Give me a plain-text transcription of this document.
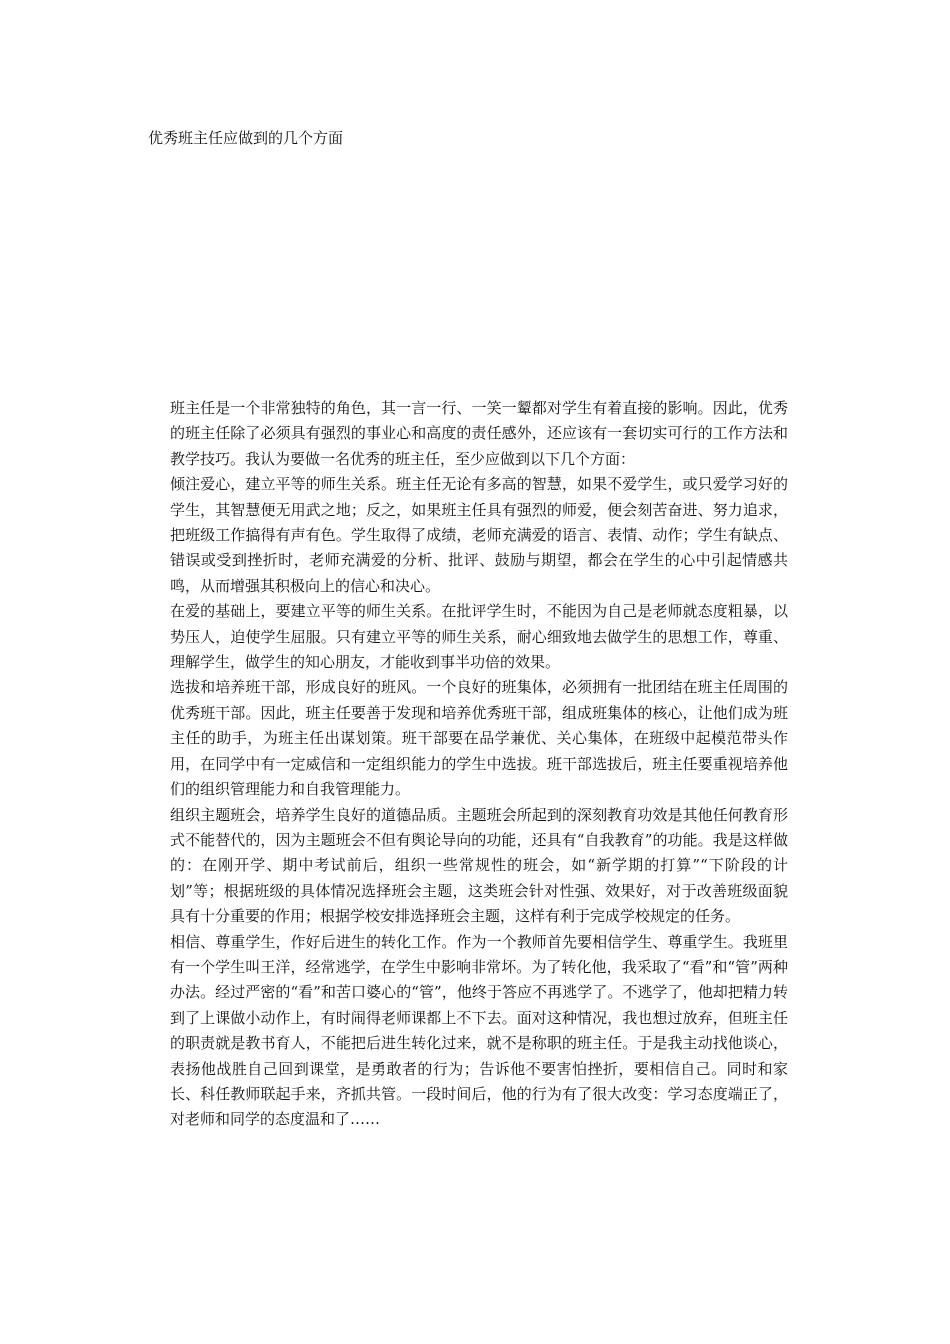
优秀班主任应做到的几个方面

班主任是一个非常独特的角色，其一言一行、一笑一颦都对学生有着直接的影响。因此，优秀的班主任除了必须具有强烈的事业心和高度的责任感外，还应该有一套切实可行的工作方法和教学技巧。我认为要做一名优秀的班主任，至少应做到以下几个方面：

倾注爱心，建立平等的师生关系。班主任无论有多高的智慧，如果不爱学生，或只爱学习好的学生，其智慧便无用武之地；反之，如果班主任具有强烈的师爱，便会刻苦奋进、努力追求，把班级工作搞得有声有色。学生取得了成绩，老师充满爱的语言、表情、动作；学生有缺点、错误或受到挫折时，老师充满爱的分析、批评、鼓励与期望，都会在学生的心中引起情感共鸣，从而增强其积极向上的信心和决心。

在爱的基础上，要建立平等的师生关系。在批评学生时，不能因为自己是老师就态度粗暴，以势压人，迫使学生屈服。只有建立平等的师生关系，耐心细致地去做学生的思想工作，尊重、理解学生，做学生的知心朋友，才能收到事半功倍的效果。

选拔和培养班干部，形成良好的班风。一个良好的班集体，必须拥有一批团结在班主任周围的优秀班干部。因此，班主任要善于发现和培养优秀班干部，组成班集体的核心，让他们成为班主任的助手，为班主任出谋划策。班干部要在品学兼优、关心集体，在班级中起模范带头作用，在同学中有一定威信和一定组织能力的学生中选拔。班干部选拔后，班主任要重视培养他们的组织管理能力和自我管理能力。

组织主题班会，培养学生良好的道德品质。主题班会所起到的深刻教育功效是其他任何教育形式不能替代的，因为主题班会不但有舆论导向的功能，还具有“自我教育”的功能。我是这样做的：在刚开学、期中考试前后，组织一些常规性的班会，如“新学期的打算”“下阶段的计划”等；根据班级的具体情况选择班会主题，这类班会针对性强、效果好，对于改善班级面貌具有十分重要的作用；根据学校安排选择班会主题，这样有利于完成学校规定的任务。

相信、尊重学生，作好后进生的转化工作。作为一个教师首先要相信学生、尊重学生。我班里有一个学生叫王洋，经常逃学，在学生中影响非常坏。为了转化他，我采取了“看”和“管”两种办法。经过严密的“看”和苦口婆心的“管”，他终于答应不再逃学了。不逃学了，他却把精力转到了上课做小动作上，有时闹得老师课都上不下去。面对这种情况，我也想过放弃，但班主任的职责就是教书育人，不能把后进生转化过来，就不是称职的班主任。于是我主动找他谈心，表扬他战胜自己回到课堂，是勇敢者的行为；告诉他不要害怕挫折，要相信自己。同时和家长、科任教师联起手来，齐抓共管。一段时间后，他的行为有了很大改变：学习态度端正了，对老师和同学的态度温和了……
